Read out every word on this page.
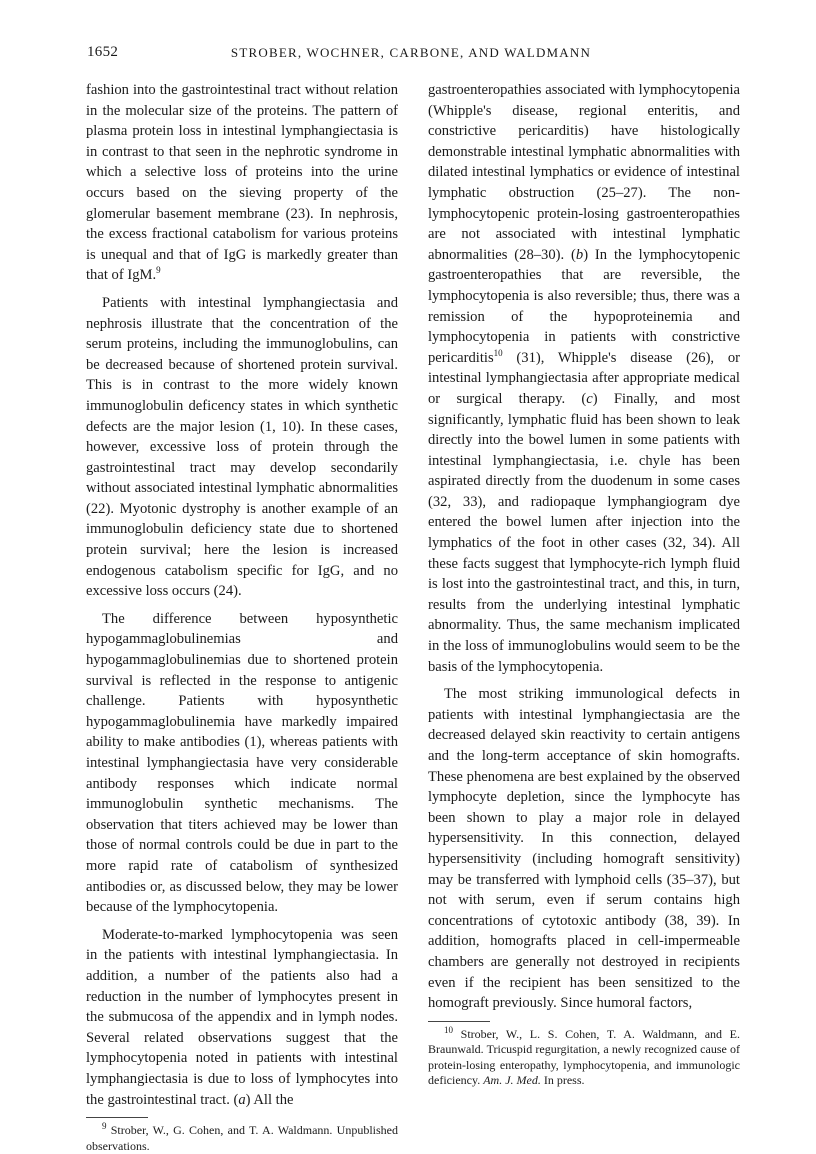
1652	STROBER, WOCHNER, CARBONE, AND WALDMANN

fashion into the gastrointestinal tract without relation in the molecular size of the proteins. The pattern of plasma protein loss in intestinal lymphangiectasia is in contrast to that seen in the nephrotic syndrome in which a selective loss of proteins into the urine occurs based on the sieving property of the glomerular basement membrane (23). In nephrosis, the excess fractional catabolism for various proteins is unequal and that of IgG is markedly greater than that of IgM.$^9$

Patients with intestinal lymphangiectasia and nephrosis illustrate that the concentration of the serum proteins, including the immunoglobulins, can be decreased because of shortened protein survival. This is in contrast to the more widely known immunoglobulin deficency states in which synthetic defects are the major lesion (1, 10). In these cases, however, excessive loss of protein through the gastrointestinal tract may develop secondarily without associated intestinal lymphatic abnormalities (22). Myotonic dystrophy is another example of an immunoglobulin deficiency state due to shortened protein survival; here the lesion is increased endogenous catabolism specific for IgG, and no excessive loss occurs (24).

The difference between hyposynthetic hypogammaglobulinemias and hypogammaglobulinemias due to shortened protein survival is reflected in the response to antigenic challenge. Patients with hyposynthetic hypogammaglobulinemia have markedly impaired ability to make antibodies (1), whereas patients with intestinal lymphangiectasia have very considerable antibody responses which indicate normal immunoglobulin synthetic mechanisms. The observation that titers achieved may be lower than those of normal controls could be due in part to the more rapid rate of catabolism of synthesized antibodies or, as discussed below, they may be lower because of the lymphocytopenia.

Moderate-to-marked lymphocytopenia was seen in the patients with intestinal lymphangiectasia. In addition, a number of the patients also had a reduction in the number of lymphocytes present in the submucosa of the appendix and in lymph nodes. Several related observations suggest that the lymphocytopenia noted in patients with intestinal lymphangiectasia is due to loss of lymphocytes into the gastrointestinal tract. (a) All the

$^9$ Strober, W., G. Cohen, and T. A. Waldmann. Unpublished observations.

gastroenteropathies associated with lymphocytopenia (Whipple's disease, regional enteritis, and constrictive pericarditis) have histologically demonstrable intestinal lymphatic abnormalities with dilated intestinal lymphatics or evidence of intestinal lymphatic obstruction (25–27). The non-lymphocytopenic protein-losing gastroenteropathies are not associated with intestinal lymphatic abnormalities (28–30). (b) In the lymphocytopenic gastroenteropathies that are reversible, the lymphocytopenia is also reversible; thus, there was a remission of the hypoproteinemia and lymphocytopenia in patients with constrictive pericarditis$^{10}$ (31), Whipple's disease (26), or intestinal lymphangiectasia after appropriate medical or surgical therapy. (c) Finally, and most significantly, lymphatic fluid has been shown to leak directly into the bowel lumen in some patients with intestinal lymphangiectasia, i.e. chyle has been aspirated directly from the duodenum in some cases (32, 33), and radiopaque lymphangiogram dye entered the bowel lumen after injection into the lymphatics of the foot in other cases (32, 34). All these facts suggest that lymphocyte-rich lymph fluid is lost into the gastrointestinal tract, and this, in turn, results from the underlying intestinal lymphatic abnormality. Thus, the same mechanism implicated in the loss of immunoglobulins would seem to be the basis of the lymphocytopenia.

The most striking immunological defects in patients with intestinal lymphangiectasia are the decreased delayed skin reactivity to certain antigens and the long-term acceptance of skin homografts. These phenomena are best explained by the observed lymphocyte depletion, since the lymphocyte has been shown to play a major role in delayed hypersensitivity. In this connection, delayed hypersensitivity (including homograft sensitivity) may be transferred with lymphoid cells (35–37), but not with serum, even if serum contains high concentrations of cytotoxic antibody (38, 39). In addition, homografts placed in cell-impermeable chambers are generally not destroyed in recipients even if the recipient has been sensitized to the homograft previously. Since humoral factors,

$^{10}$ Strober, W., L. S. Cohen, T. A. Waldmann, and E. Braunwald. Tricuspid regurgitation, a newly recognized cause of protein-losing enteropathy, lymphocytopenia, and immunologic deficiency. Am. J. Med. In press.
